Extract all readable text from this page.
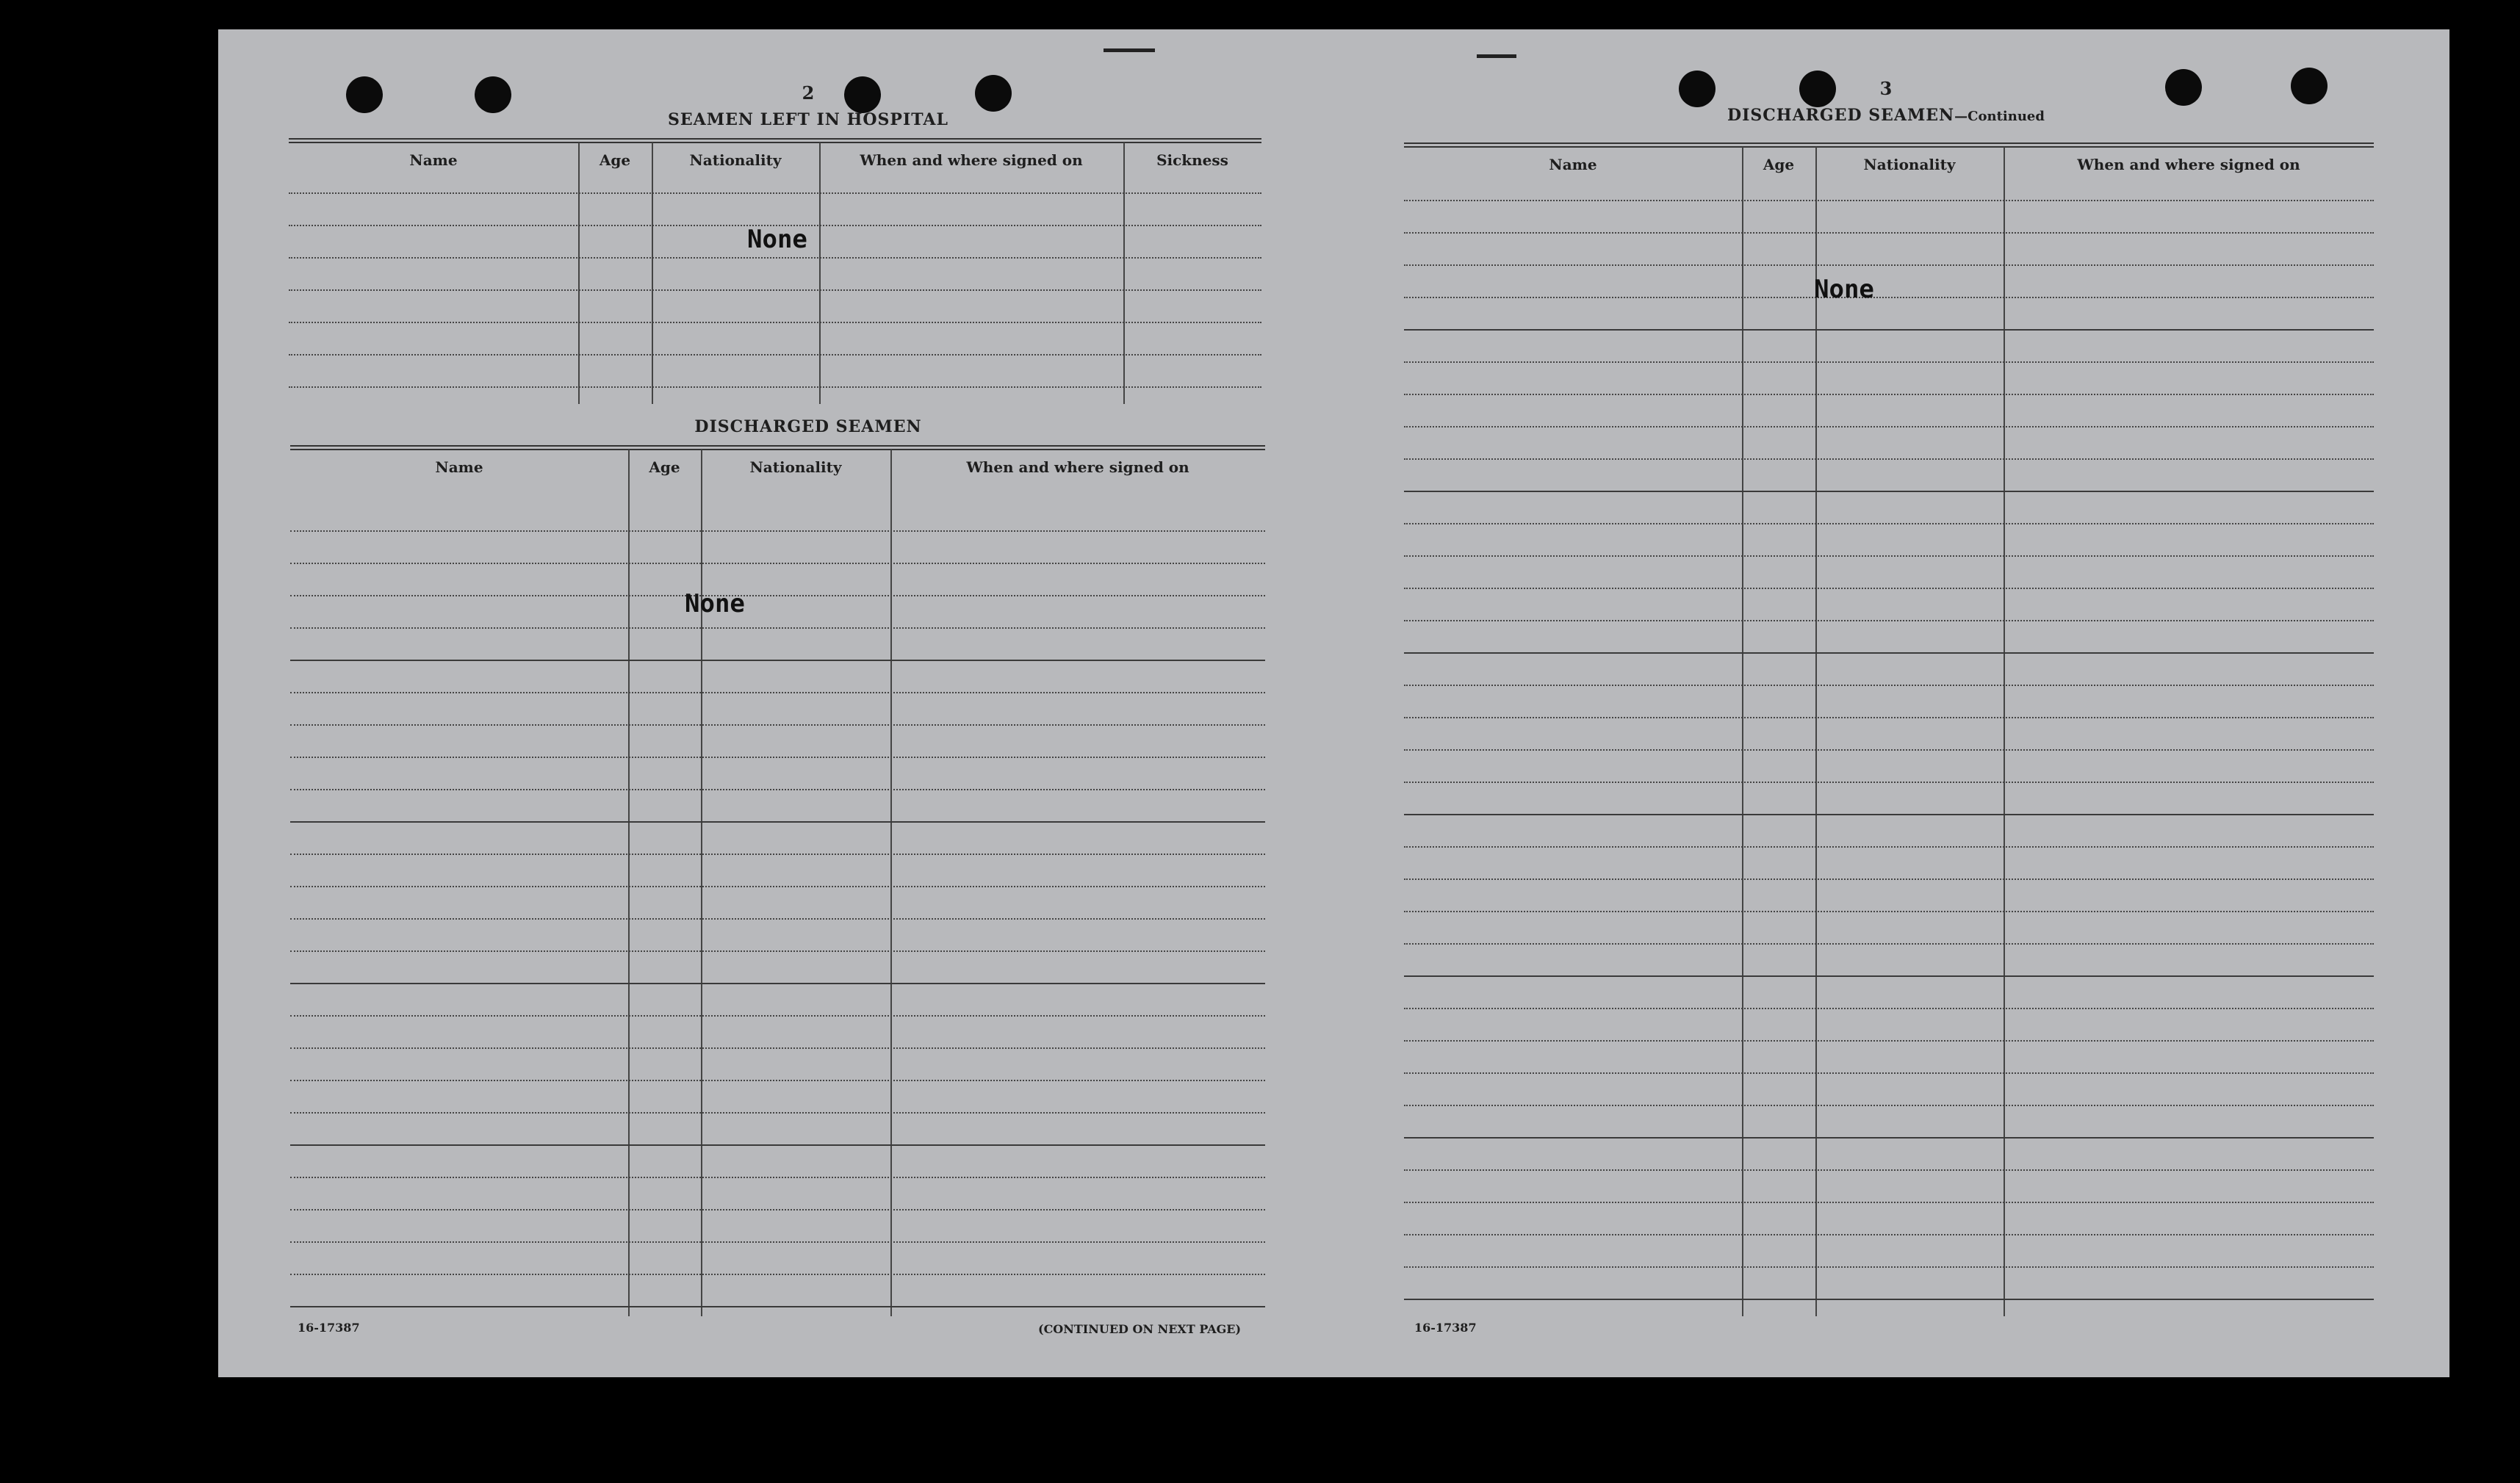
2
SEAMEN LEFT IN HOSPITAL
Name	Age	Nationality	When and where signed on	Sickness
None
DISCHARGED SEAMEN
Name	Age	Nationality	When and where signed on
None
16-17387	(CONTINUED ON NEXT PAGE)
3
DISCHARGED SEAMEN—Continued
Name	Age	Nationality	When and where signed on
None
16-17387
